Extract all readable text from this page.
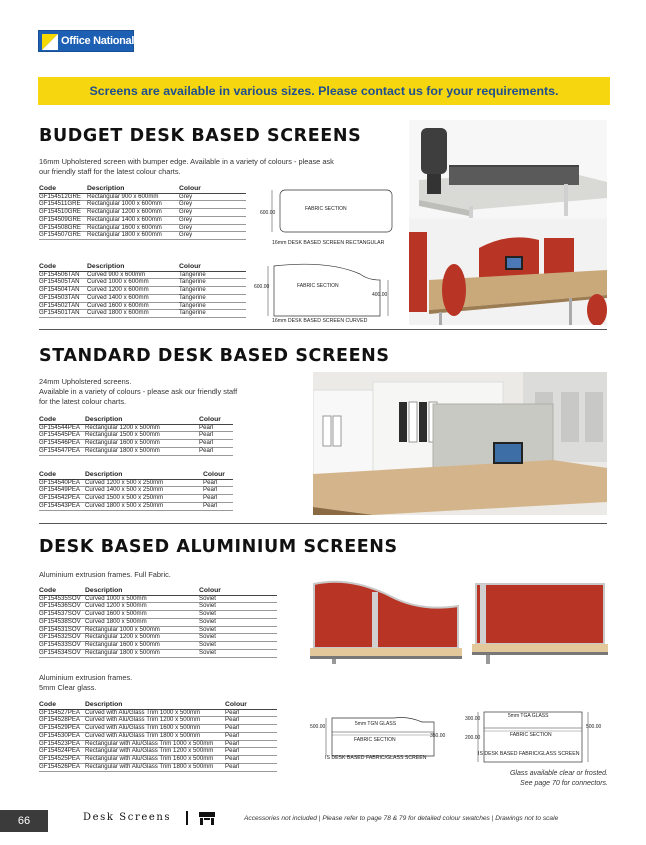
Office National
Screens are available in various sizes. Please contact us for your requirements.
BUDGET DESK BASED SCREENS
16mm Upholstered screen with bumper edge. Available in a variety of colours - please ask
our friendly staff for the latest colour charts.
Code	Description	Colour
GF154512GRE	Rectangular 900 x 600mm	Grey
GF154511GRE	Rectangular 1000 x 600mm	Grey
GF154510GRE	Rectangular 1200 x 600mm	Grey
GF154509GRE	Rectangular 1400 x 600mm	Grey
GF154508GRE	Rectangular 1600 x 600mm	Grey
GF154507GRE	Rectangular 1800 x 600mm	Grey
Code	Description	Colour
GF154506TAN	Curved 900 x 600mm	Tangerine
GF154505TAN	Curved 1000 x 600mm	Tangerine
GF154504TAN	Curved 1200 x 600mm	Tangerine
GF154503TAN	Curved 1400 x 600mm	Tangerine
GF154502TAN	Curved 1600 x 600mm	Tangerine
GF154501TAN	Curved 1800 x 600mm	Tangerine
600.00
FABRIC SECTION
16mm DESK BASED SCREEN RECTANGULAR
600.00
400.00
FABRIC SECTION
16mm DESK BASED SCREEN CURVED
STANDARD DESK BASED SCREENS
24mm Upholstered screens.
Available in a variety of colours - please ask our friendly staff
for the latest colour charts.
Code	Description	Colour
GF154544PEA	Rectangular 1200 x 500mm	Pearl
GF154545PEA	Rectangular 1500 x 500mm	Pearl
GF154546PEA	Rectangular 1600 x 500mm	Pearl
GF154547PEA	Rectangular 1800 x 500mm	Pearl
Code	Description	Colour
GF154540PEA	Curved 1200 x 500 x 250mm	Pearl
GF154549PEA	Curved 1400 x 500 x 250mm	Pearl
GF154542PEA	Curved 1500 x 500 x 250mm	Pearl
GF154543PEA	Curved 1800 x 500 x 250mm	Pearl
DESK BASED ALUMINIUM SCREENS
Aluminium extrusion frames. Full Fabric.
Code	Description	Colour
GF154535SOV	Curved 1000 x 500mm	Soviet
GF154536SOV	Curved 1200 x 500mm	Soviet
GF154537SOV	Curved 1600 x 500mm	Soviet
GF154538SOV	Curved 1800 x 500mm	Soviet
GF154531SOV	Rectangular 1000 x 500mm	Soviet
GF154532SOV	Rectangular 1200 x 500mm	Soviet
GF154533SOV	Rectangular 1600 x 500mm	Soviet
GF154534SOV	Rectangular 1800 x 500mm	Soviet
Aluminium extrusion frames.
5mm Clear glass.
Code	Description	Colour
GF154527PEA	Curved with Alu/Glass Trim 1000 x 500mm	Pearl
GF154528PEA	Curved with Alu/Glass Trim 1200 x 500mm	Pearl
GF154529PEA	Curved with Alu/Glass Trim 1600 x 500mm	Pearl
GF154530PEA	Curved with Alu/Glass Trim 1800 x 500mm	Pearl
GF154523PEA	Rectangular with Alu/Glass Trim 1000 x 500mm	Pearl
GF154524PEA	Rectangular with Alu/Glass Trim 1200 x 500mm	Pearl
GF154525PEA	Rectangular with Alu/Glass Trim 1600 x 500mm	Pearl
GF154526PEA	Rectangular with Alu/Glass Trim 1800 x 500mm	Pearl
500.00
350.00
5mm TGN GLASS
FABRIC SECTION
IS DESK BASED FABRIC/GLASS SCREEN
300.00
200.00
500.00
5mm TGA GLASS
FABRIC SECTION
IS DESK BASED FABRIC/GLASS SCREEN
Glass available clear or frosted.
See page 70 for connectors.
66	Desk Screens	Accessories not included | Please refer to page 78 & 79 for detailed colour swatches | Drawings not to scale
